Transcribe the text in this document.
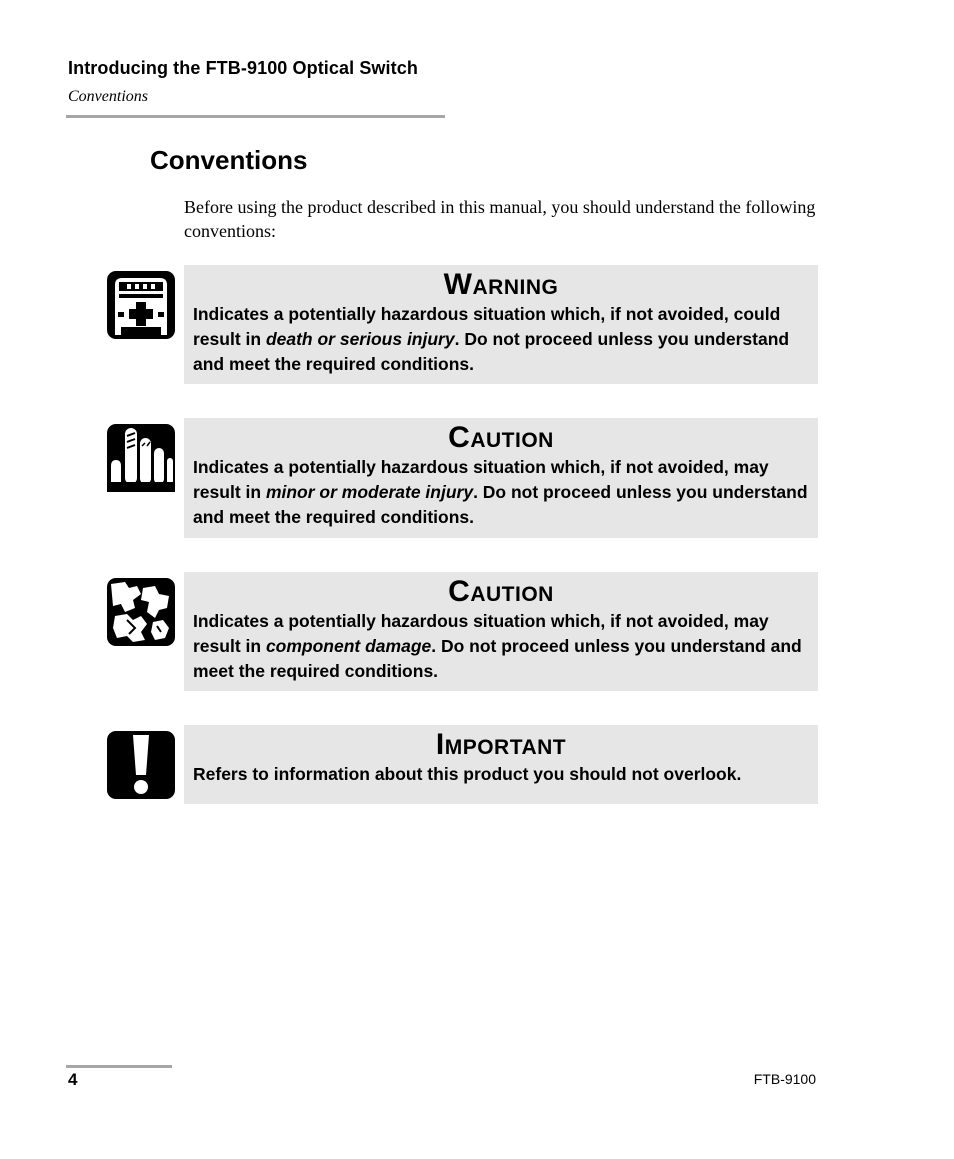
Introducing the FTB-9100 Optical Switch
Conventions
Conventions
Before using the product described in this manual, you should understand the following conventions:
Warning
Indicates a potentially hazardous situation which, if not avoided, could result in death or serious injury. Do not proceed unless you understand and meet the required conditions.
Caution
Indicates a potentially hazardous situation which, if not avoided, may result in minor or moderate injury. Do not proceed unless you understand and meet the required conditions.
Caution
Indicates a potentially hazardous situation which, if not avoided, may result in component damage. Do not proceed unless you understand and meet the required conditions.
Important
Refers to information about this product you should not overlook.
4	FTB-9100
